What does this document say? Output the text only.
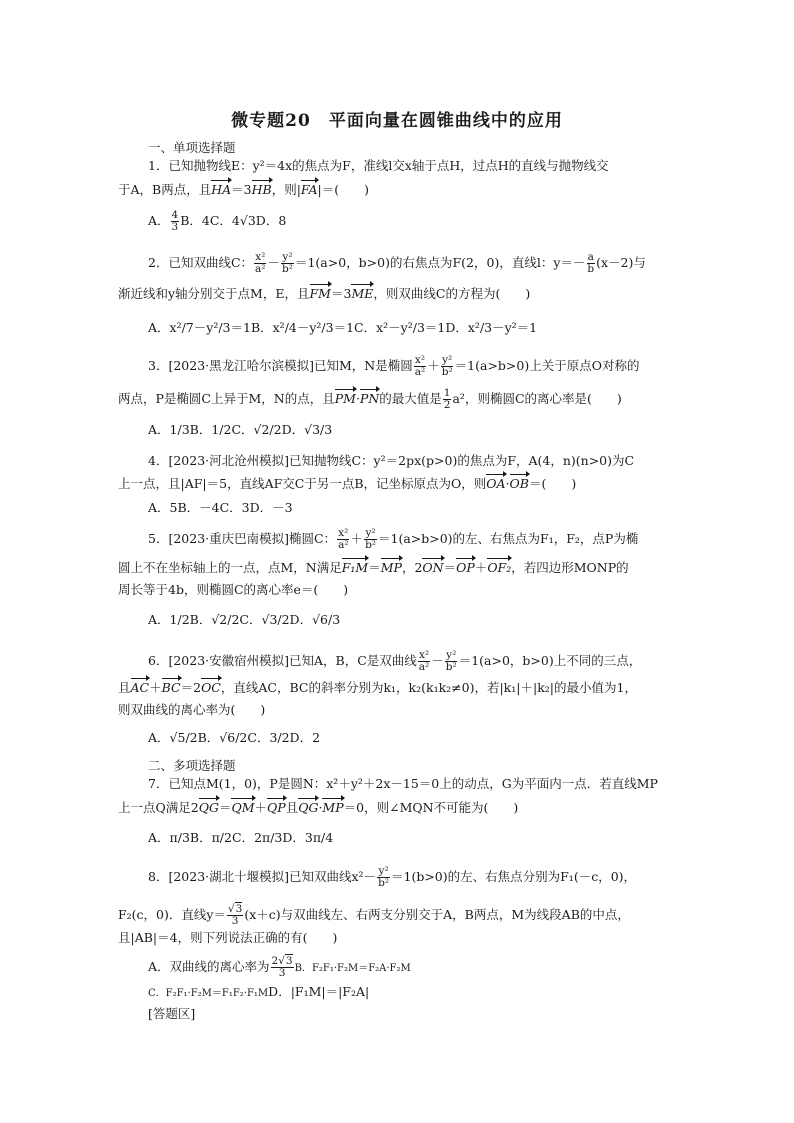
微专题20　平面向量在圆锥曲线中的应用
一、单项选择题
1．已知抛物线E：y²＝4x的焦点为F，准线l交x轴于点H，过点H的直线与抛物线交
于A，B两点，且HA＝3HB，则|FA|＝(　　)
A． $\frac{4}{3}$ B．4C．4√3D．8
2．已知双曲线C： $\frac{\text{x²}}{\text{a²}} - \frac{\text{y²}}{\text{b²}} =1(a>0$，b>0)的右焦点为F(2，0)，直线l：$y=- \frac{a}{b} (x-2)$与
渐近线和y轴分别交于点M，E，且FM＝3ME，则双曲线C的方程为(　　)
A．x²/7－y²/3＝1B．x²/4－y²/3＝1C．x²－y²/3＝1D．x²/3－y²＝1
3．[2023·黑龙江哈尔滨模拟]已知M，N是椭圆 $\frac{\text{x²}}{\text{a²}} + \frac{\text{y²}}{\text{b²}} =1(a>b>0)$上关于原点O对称的
两点，P是椭圆C上异于M，N的点，且PM·PN的最大值是 $\frac{1}{2} a^2$，则椭圆C的离心率是(　　)
A．1/3B．1/2C．√2/2D．√3/3
4．[2023·河北沧州模拟]已知抛物线C：y²＝2px(p>0)的焦点为F，A(4，n)(n>0)为C
上一点，且|AF|＝5，直线AF交C于另一点B，记坐标原点为O，则OA·OB＝(　　)
A．5B．－4C．3D．－3
5．[2023·重庆巴南模拟]椭圆C： $\frac{\text{x²}}{\text{a²}} + \frac{\text{y²}}{\text{b²}} =1(a>b>0)$的左、右焦点为F₁，F₂，点P为椭
圆上不在坐标轴上的一点，点M，N满足F₁M＝MP，2ON＝OP＋OF₂，若四边形MONP的
周长等于4b，则椭圆C的离心率e＝(　　)
A．1/2B．√2/2C．√3/2D．√6/3
6．[2023·安徽宿州模拟]已知A，B，C是双曲线 $\frac{\text{x²}}{\text{a²}} - \frac{\text{y²}}{\text{b²}} =1(a>0$，b>0)上不同的三点，
且AC＋BC＝2OC，直线AC，BC的斜率分别为k₁，k₂(k₁k₂≠0)，若|k₁|＋|k₂|的最小值为1，
则双曲线的离心率为(　　)
A．√5/2B．√6/2C．3/2D．2
二、多项选择题
7．已知点M(1，0)，P是圆N：x²＋y²＋2x－15＝0上的动点，G为平面内一点．若直线MP
上一点Q满足2QG＝QM＋QP且QG·MP＝0，则∠MQN不可能为(　　)
A．π/3B．π/2C．2π/3D．3π/4
8．[2023·湖北十堰模拟]已知双曲线$x^2- \frac{\text{y²}}{\text{b²}} =1(b>0)$的左、右焦点分别为F₁(－c，0)，
F₂(c，0)．直线$y= \frac{√3}{3} (x+c)$与双曲线左、右两支分别交于A，B两点，M为线段AB的中点，
且|AB|＝4，则下列说法正确的有(　　)
A．双曲线的离心率为 $\frac{2√3}{3}$ B．F₂F₁·F₂M＝F₂A·F₂M
C．F₂F₁·F₂M＝F₁F₂·F₁MD．|F₁M|＝|F₂A|
[答题区]
